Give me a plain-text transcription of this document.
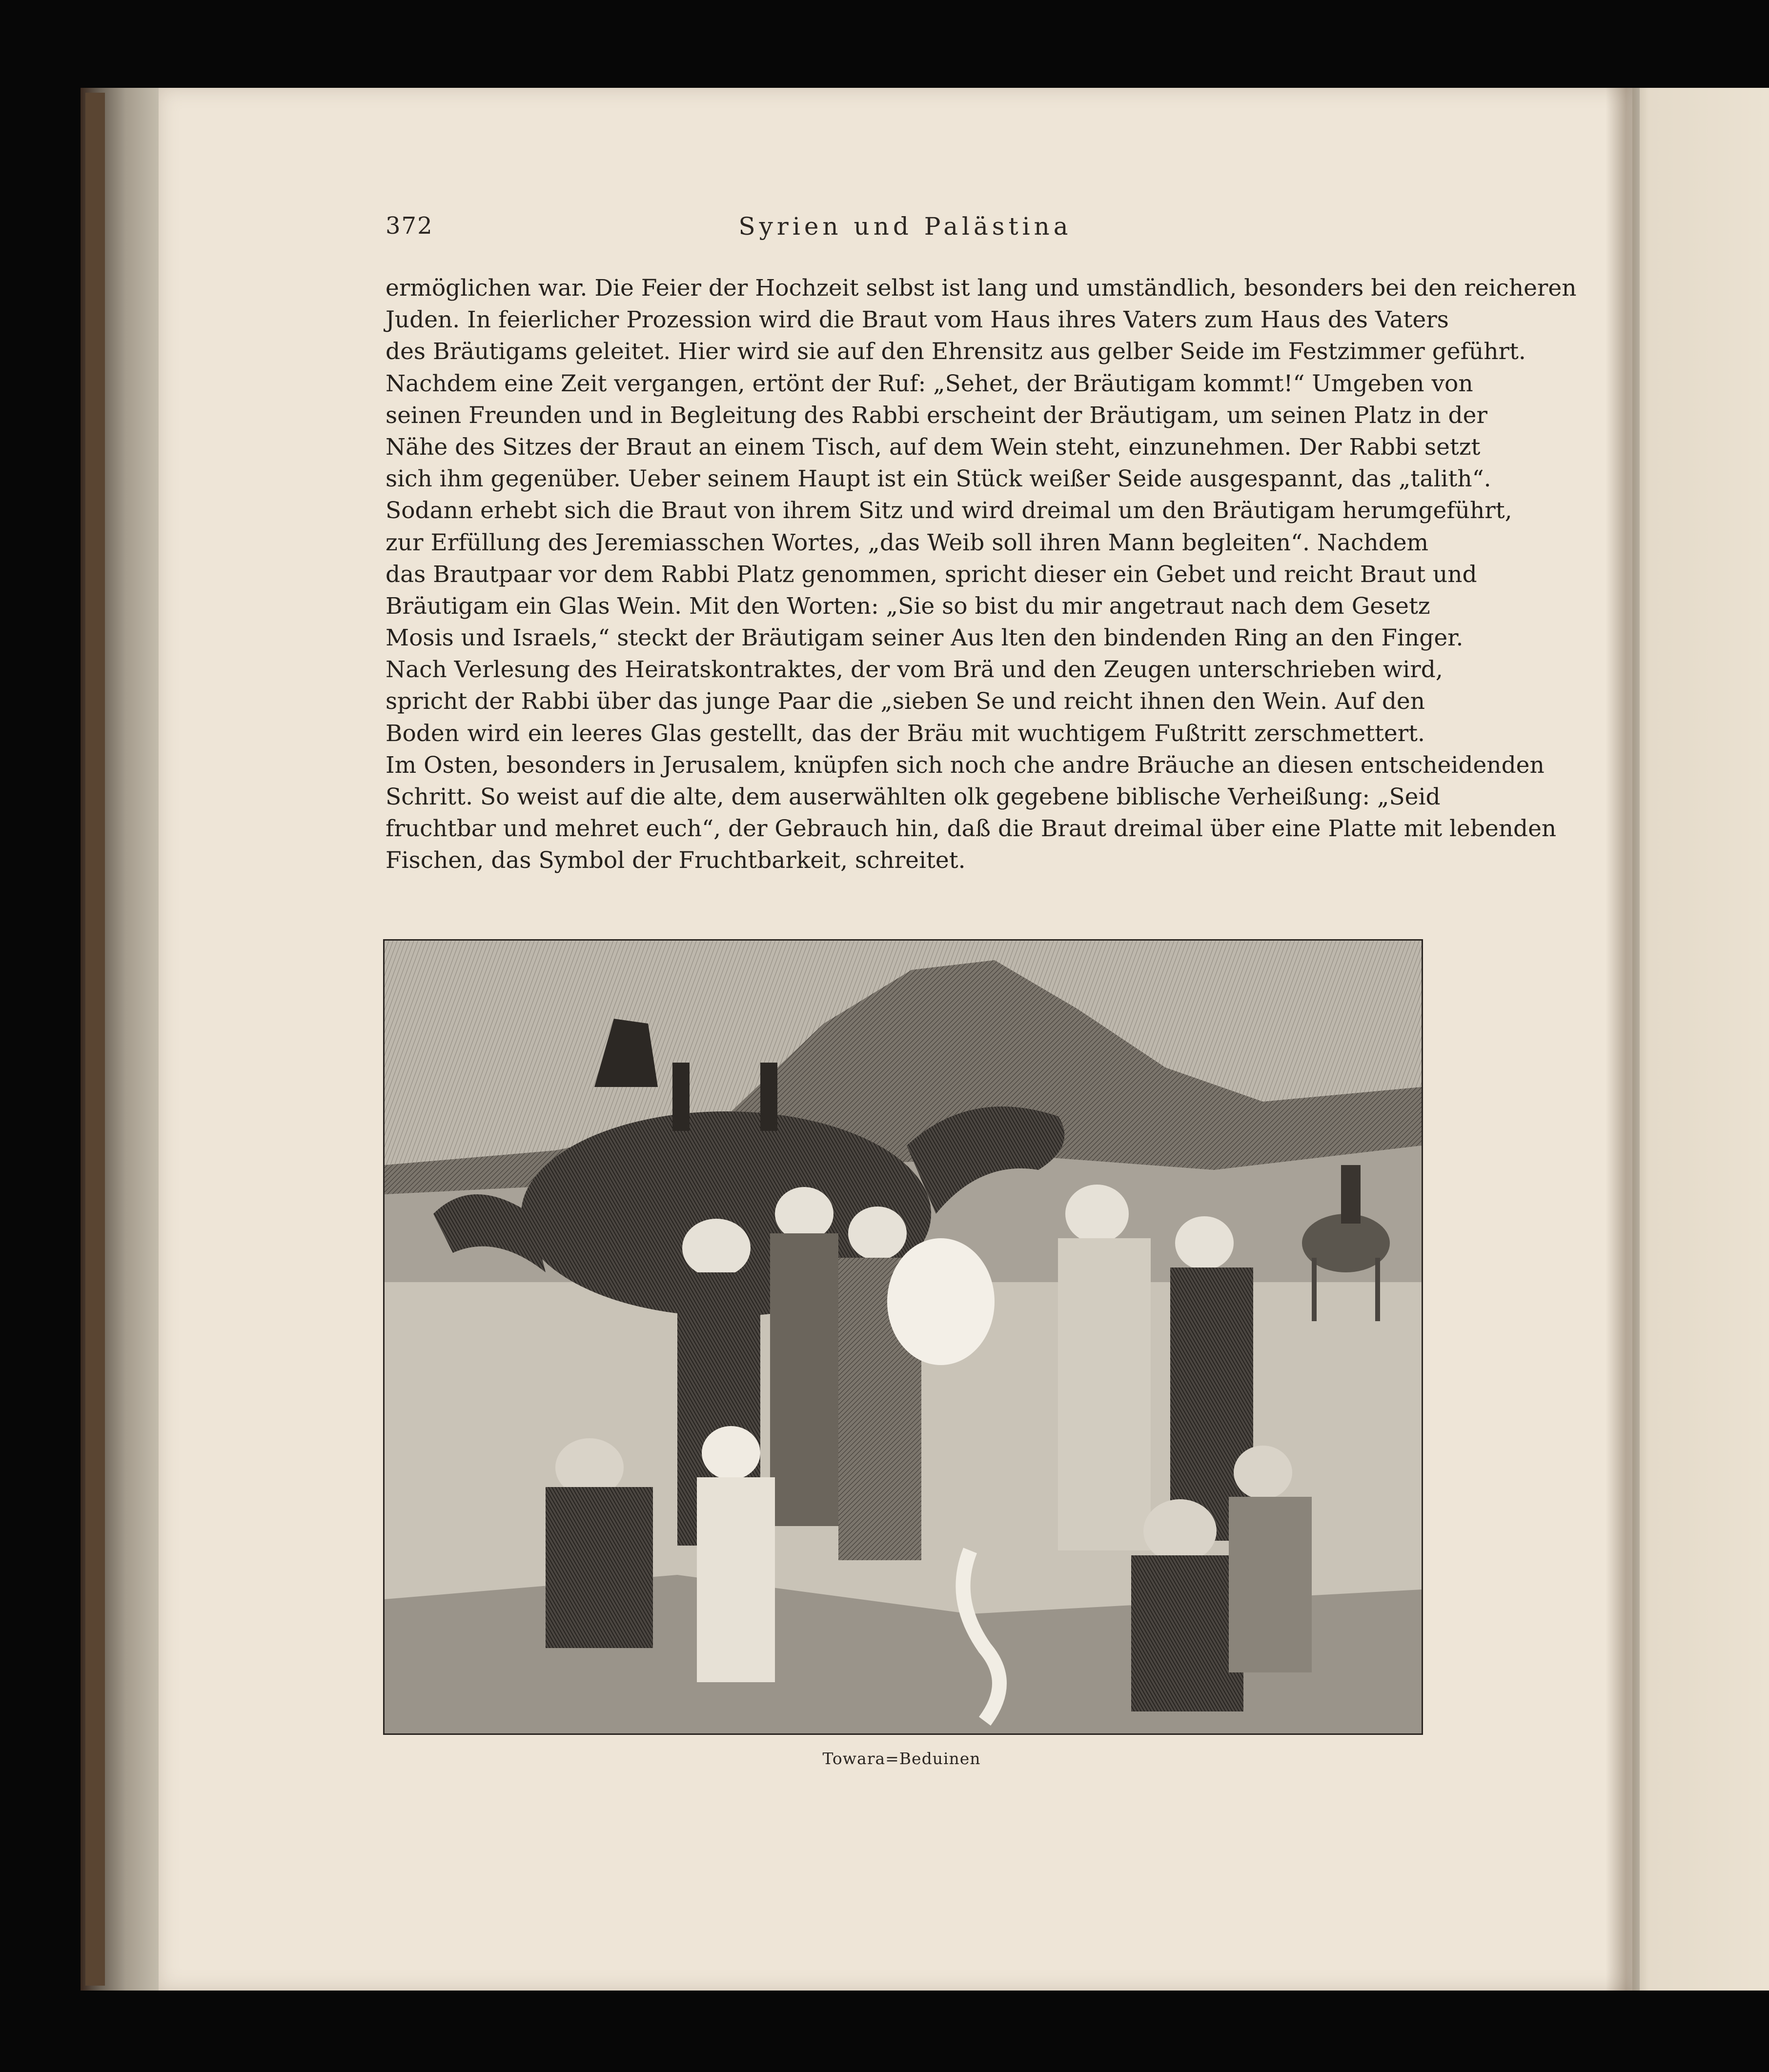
372	Syrien und Palästina
ermöglichen war. Die Feier der Hochzeit selbst ist lang und umständlich, besonders bei den reicheren
Juden. In feierlicher Prozession wird die Braut vom Haus ihres Vaters zum Haus des Vaters
des Bräutigams geleitet. Hier wird sie auf den Ehrensitz aus gelber Seide im Festzimmer geführt.
Nachdem eine Zeit vergangen, ertönt der Ruf: „Sehet, der Bräutigam kommt!“ Umgeben von
seinen Freunden und in Begleitung des Rabbi erscheint der Bräutigam, um seinen Platz in der
Nähe des Sitzes der Braut an einem Tisch, auf dem Wein steht, einzunehmen. Der Rabbi setzt
sich ihm gegenüber. Ueber seinem Haupt ist ein Stück weißer Seide ausgespannt, das „talith“.
Sodann erhebt sich die Braut von ihrem Sitz und wird dreimal um den Bräutigam herumgeführt,
zur Erfüllung des Jeremiasschen Wortes, „das Weib soll ihren Mann begleiten“. Nachdem
das Brautpaar vor dem Rabbi Platz genommen, spricht dieser ein Gebet und reicht Braut und
Bräutigam ein Glas Wein. Mit den Worten: „Sie so bist du mir angetraut nach dem Gesetz
Mosis und Israels,“ steckt der Bräutigam seiner Aus lten den bindenden Ring an den Finger.
Nach Verlesung des Heiratskontraktes, der vom Brä und den Zeugen unterschrieben wird,
spricht der Rabbi über das junge Paar die „sieben Se und reicht ihnen den Wein. Auf den
Boden wird ein leeres Glas gestellt, das der Bräu mit wuchtigem Fußtritt zerschmettert.
Im Osten, besonders in Jerusalem, knüpfen sich noch che andre Bräuche an diesen entscheidenden
Schritt. So weist auf die alte, dem auserwählten olk gegebene biblische Verheißung: „Seid
fruchtbar und mehret euch“, der Gebrauch hin, daß die Braut dreimal über eine Platte mit lebenden
Fischen, das Symbol der Fruchtbarkeit, schreitet.
Towara=Beduinen
